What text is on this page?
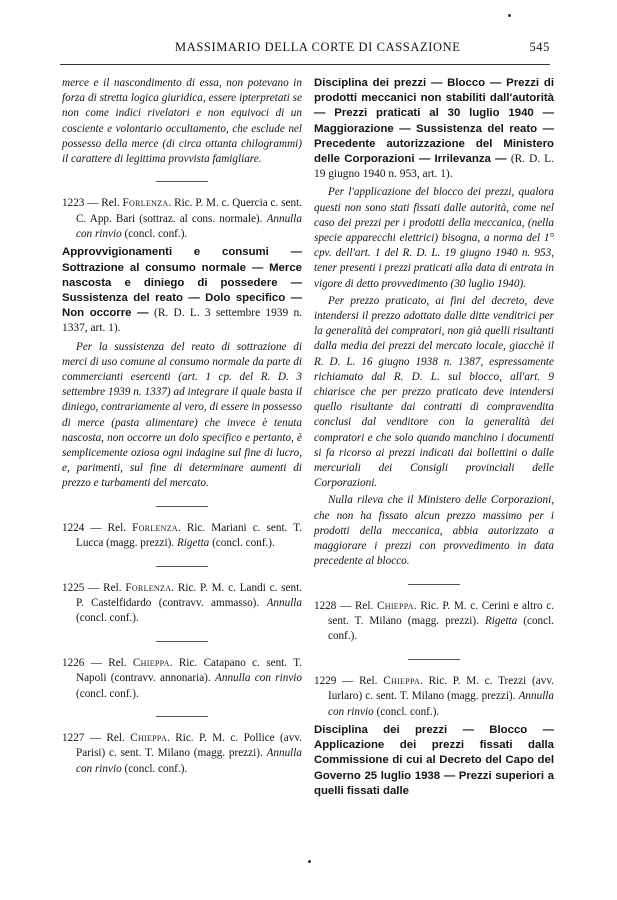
MASSIMARIO DELLA CORTE DI CASSAZIONE	545

merce e il nascondimento di essa, non potevano in forza di stretta logica giuridica, essere ipterpretati se non come indici rivelatori e non equivoci di un cosciente e volontario occultamento, che esclude nel possesso della merce (di circa ottanta chilogrammi) il carattere di legittima provvista famigliare.

1223 — Rel. Forlenza. Ric. P. M. c. Quercia c. sent. C. App. Bari (sottraz. al cons. normale). Annulla con rinvio (concl. conf.).

Approvvigionamenti e consumi — Sottrazione al consumo normale — Merce nascosta e diniego di possedere — Sussistenza del reato — Dolo specifico — Non occorre — (R. D. L. 3 settembre 1939 n. 1337, art. 1).

Per la sussistenza del reato di sottrazione di merci di uso comune al consumo normale da parte di commercianti esercenti (art. 1 cp. del R. D. 3 settembre 1939 n. 1337) ad integrare il quale basta il diniego, contrariamente al vero, di essere in possesso di merce (pasta alimentare) che invece è tenuta nascosta, non occorre un dolo specifico e pertanto, è semplicemente oziosa ogni indagine sul fine di lucro, e, parimenti, sul fine di determinare aumenti di prezzo e turbamenti del mercato.

1224 — Rel. Forlenza. Ric. Mariani c. sent. T. Lucca (magg. prezzi). Rigetta (concl. conf.).

1225 — Rel. Forlenza. Ric. P. M. c. Landi c. sent. P. Castelfidardo (contravv. ammasso). Annulla (concl. conf.).

1226 — Rel. Chieppa. Ric. Catapano c. sent. T. Napoli (contravv. annonaria). Annulla con rinvio (concl. conf.).

1227 — Rel. Chieppa. Ric. P. M. c. Pollice (avv. Parisi) c. sent. T. Milano (magg. prezzi). Annulla con rinvio (concl. conf.).

Disciplina dei prezzi — Blocco — Prezzi di prodotti meccanici non stabiliti dall'autorità — Prezzi praticati al 30 luglio 1940 — Maggiorazione — Sussistenza del reato — Precedente autorizzazione del Ministero delle Corporazioni — Irrilevanza — (R. D. L. 19 giugno 1940 n. 953, art. 1).

Per l'applicazione del blocco dei prezzi, qualora questi non sono stati fissati dalle autorità, come nel caso dei prezzi per i prodotti della meccanica, (nella specie apparecchi elettrici) bisogna, a norma del 1° cpv. dell'art. 1 del R. D. L. 19 giugno 1940 n. 953, tener presenti i prezzi praticati alla data di entrata in vigore di detto provvedimento (30 luglio 1940).

Per prezzo praticato, ai fini del decreto, deve intendersi il prezzo adottato dalle ditte venditrici per la generalità dei compratori, non già quelli risultanti dalla media dei prezzi del mercato locale, giacchè il R. D. L. 16 giugno 1938 n. 1387, espressamente richiamato dal R. D. L. sul blocco, all'art. 9 chiarisce che per prezzo praticato deve intendersi quello risultante dai contratti di compravendita conclusi dal venditore con la generalità dei compratori e che solo quando manchino i documenti si fa ricorso ai prezzi indicati dai bollettini o dalle mercuriali dei Consigli provinciali delle Corporazioni.

Nulla rileva che il Ministero delle Corporazioni, che non ha fissato alcun prezzo massimo per i prodotti della meccanica, abbia autorizzato a maggiorare i prezzi con provvedimento in data precedente al blocco.

1228 — Rel. Chieppa. Ric. P. M. c. Cerini e altro c. sent. T. Milano (magg. prezzi). Rigetta (concl. conf.).

1229 — Rel. Chieppa. Ric. P. M. c. Trezzi (avv. Iurlaro) c. sent. T. Milano (magg. prezzi). Annulla con rinvio (concl. conf.).

Disciplina dei prezzi — Blocco — Applicazione dei prezzi fissati dalla Commissione di cui al Decreto del Capo del Governo 25 luglio 1938 — Prezzi superiori a quelli fissati dalle
